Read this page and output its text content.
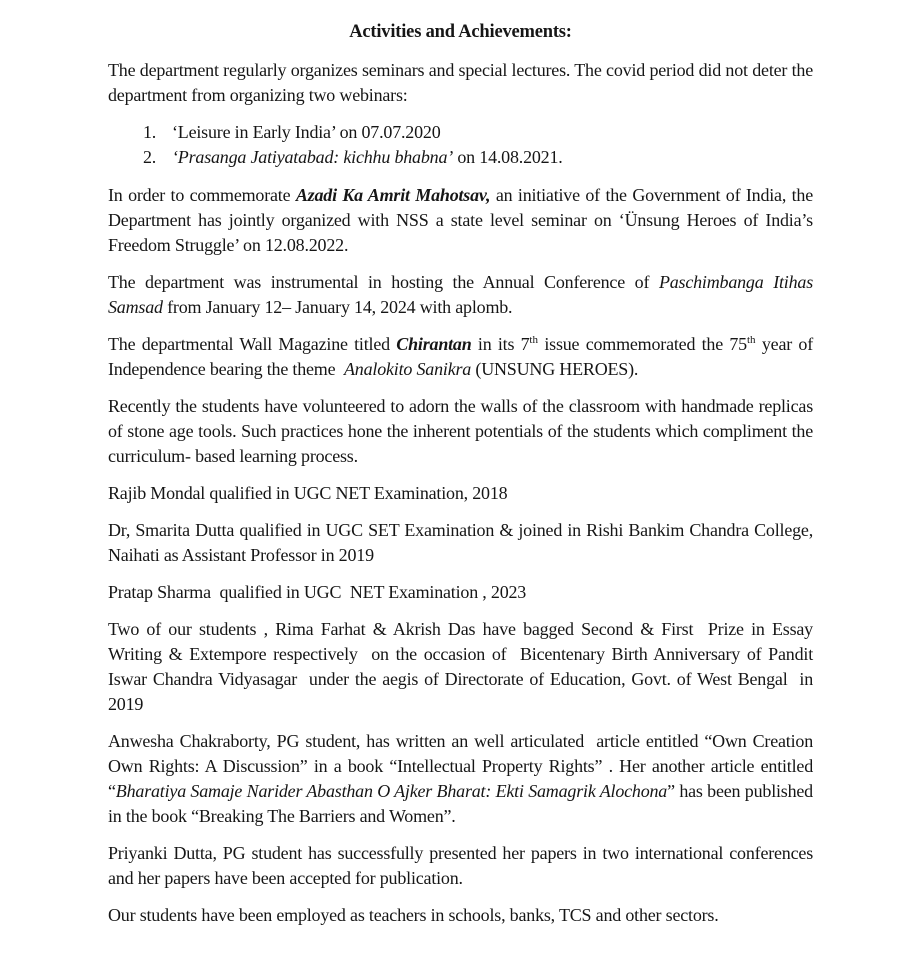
Activities and Achievements:

The department regularly organizes seminars and special lectures. The covid period did not deter the department from organizing two webinars:

1. ‘Leisure in Early India’ on 07.07.2020
2. ‘Prasanga Jatiyatabad: kichhu bhabna’ on 14.08.2021.

In order to commemorate Azadi Ka Amrit Mahotsav, an initiative of the Government of India, the Department has jointly organized with NSS a state level seminar on ‘Ünsung Heroes of India’s Freedom Struggle’ on 12.08.2022.

The department was instrumental in hosting the Annual Conference of Paschimbanga Itihas Samsad from January 12– January 14, 2024 with aplomb.

The departmental Wall Magazine titled Chirantan in its 7th issue commemorated the 75th year of Independence bearing the theme  Analokito Sanikra (UNSUNG HEROES).

Recently the students have volunteered to adorn the walls of the classroom with handmade replicas of stone age tools. Such practices hone the inherent potentials of the students which compliment the curriculum- based learning process.

Rajib Mondal qualified in UGC NET Examination, 2018

Dr, Smarita Dutta qualified in UGC SET Examination & joined in Rishi Bankim Chandra College, Naihati as Assistant Professor in 2019

Pratap Sharma  qualified in UGC  NET Examination , 2023

Two of our students , Rima Farhat & Akrish Das have bagged Second & First  Prize in Essay Writing & Extempore respectively  on the occasion of  Bicentenary Birth Anniversary of Pandit Iswar Chandra Vidyasagar  under the aegis of Directorate of Education, Govt. of West Bengal  in 2019

Anwesha Chakraborty, PG student, has written an well articulated  article entitled “Own Creation Own Rights: A Discussion” in a book “Intellectual Property Rights” . Her another article entitled “Bharatiya Samaje Narider Abasthan O Ajker Bharat: Ekti Samagrik Alochona” has been published in the book “Breaking The Barriers and Women”.

Priyanki Dutta, PG student has successfully presented her papers in two international conferences and her papers have been accepted for publication.

Our students have been employed as teachers in schools, banks, TCS and other sectors.
